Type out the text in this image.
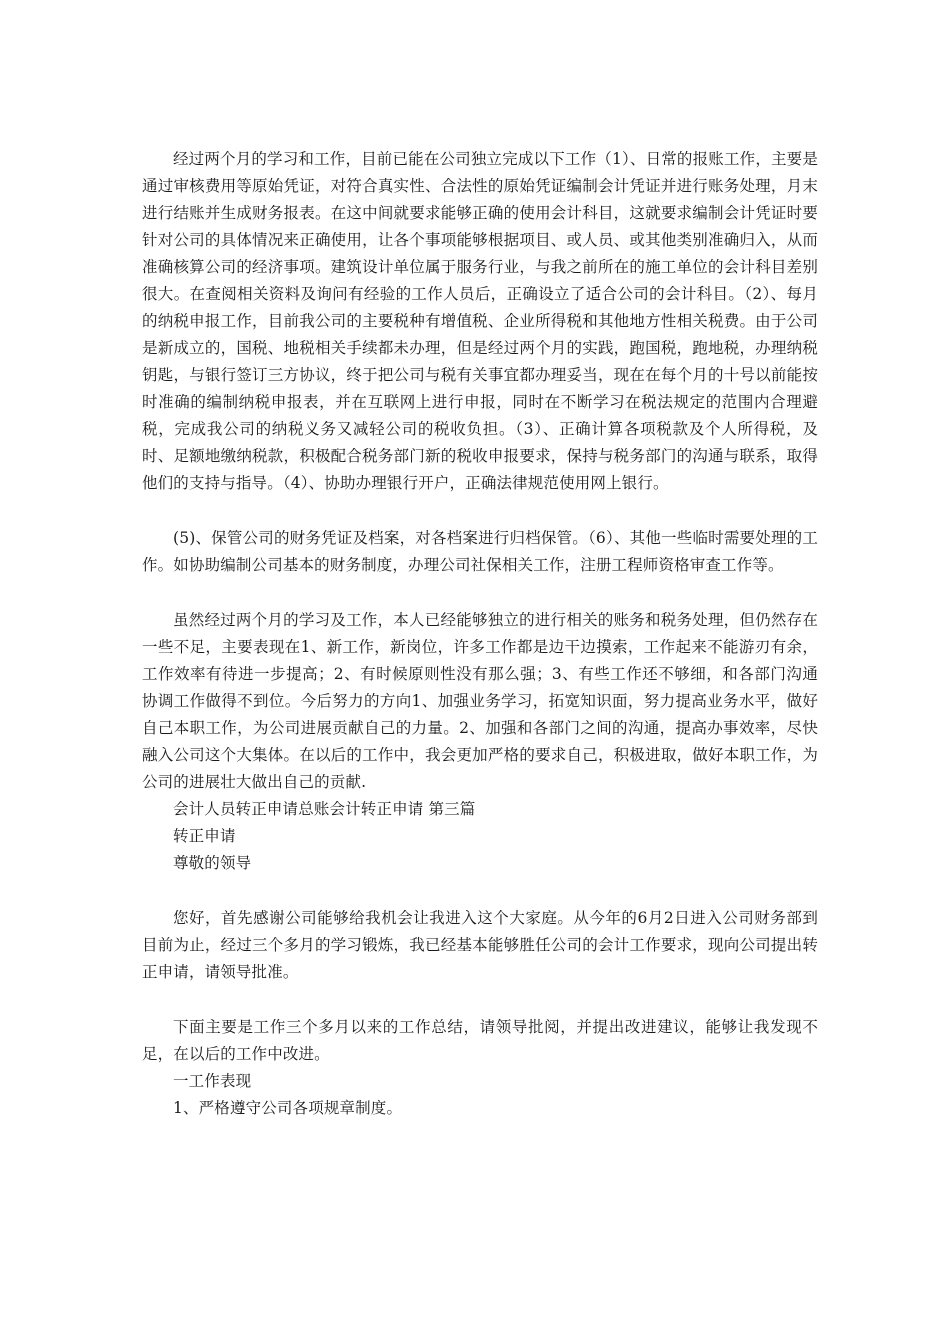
经过两个月的学习和工作，目前已能在公司独立完成以下工作（1）、日常的报账工作，主要是通过审核费用等原始凭证，对符合真实性、合法性的原始凭证编制会计凭证并进行账务处理，月末进行结账并生成财务报表。在这中间就要求能够正确的使用会计科目，这就要求编制会计凭证时要针对公司的具体情况来正确使用，让各个事项能够根据项目、或人员、或其他类别准确归入，从而准确核算公司的经济事项。建筑设计单位属于服务行业，与我之前所在的施工单位的会计科目差别很大。在查阅相关资料及询问有经验的工作人员后，正确设立了适合公司的会计科目。（2）、每月的纳税申报工作，目前我公司的主要税种有增值税、企业所得税和其他地方性相关税费。由于公司是新成立的，国税、地税相关手续都未办理，但是经过两个月的实践，跑国税，跑地税，办理纳税钥匙，与银行签订三方协议，终于把公司与税有关事宜都办理妥当，现在在每个月的十号以前能按时准确的编制纳税申报表，并在互联网上进行申报，同时在不断学习在税法规定的范围内合理避税，完成我公司的纳税义务又减轻公司的税收负担。（3）、正确计算各项税款及个人所得税，及时、足额地缴纳税款，积极配合税务部门新的税收申报要求，保持与税务部门的沟通与联系，取得他们的支持与指导。（4）、协助办理银行开户，正确法律规范使用网上银行。

(5)、保管公司的财务凭证及档案，对各档案进行归档保管。（6）、其他一些临时需要处理的工作。如协助编制公司基本的财务制度，办理公司社保相关工作，注册工程师资格审查工作等。

虽然经过两个月的学习及工作，本人已经能够独立的进行相关的账务和税务处理，但仍然存在一些不足，主要表现在1、新工作，新岗位，许多工作都是边干边摸索，工作起来不能游刃有余，工作效率有待进一步提高；2、有时候原则性没有那么强；3、有些工作还不够细，和各部门沟通协调工作做得不到位。今后努力的方向1、加强业务学习，拓宽知识面，努力提高业务水平，做好自己本职工作，为公司进展贡献自己的力量。2、加强和各部门之间的沟通，提高办事效率，尽快融入公司这个大集体。在以后的工作中，我会更加严格的要求自己，积极进取，做好本职工作，为公司的进展壮大做出自己的贡献.

会计人员转正申请总账会计转正申请 第三篇

转正申请

尊敬的领导

您好，首先感谢公司能够给我机会让我进入这个大家庭。从今年的6月2日进入公司财务部到目前为止，经过三个多月的学习锻炼，我已经基本能够胜任公司的会计工作要求，现向公司提出转正申请，请领导批准。

下面主要是工作三个多月以来的工作总结，请领导批阅，并提出改进建议，能够让我发现不足，在以后的工作中改进。

一工作表现

1、严格遵守公司各项规章制度。
